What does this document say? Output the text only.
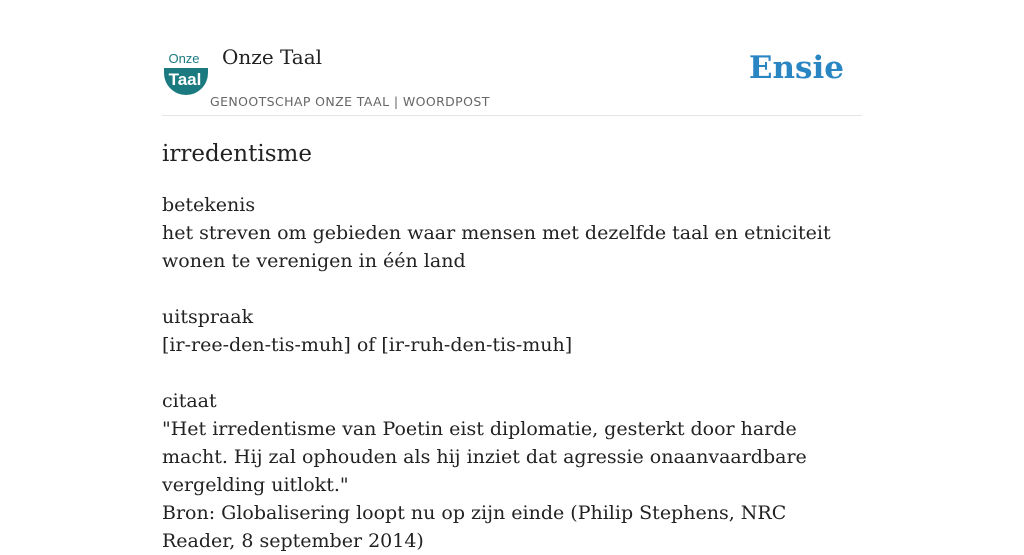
Onze
Taal
Onze Taal
GENOOTSCHAP ONZE TAAL | WOORDPOST
Ensie
irredentisme

betekenis

het streven om gebieden waar mensen met dezelfde taal en etniciteit wonen te verenigen in één land

uitspraak

[ir-ree-den-tis-muh] of [ir-ruh-den-tis-muh]

citaat

"Het irredentisme van Poetin eist diplomatie, gesterkt door harde macht. Hij zal ophouden als hij inziet dat agressie onaanvaardbare vergelding uitlokt."

Bron: Globalisering loopt nu op zijn einde (Philip Stephens, NRC Reader, 8 september 2014)
